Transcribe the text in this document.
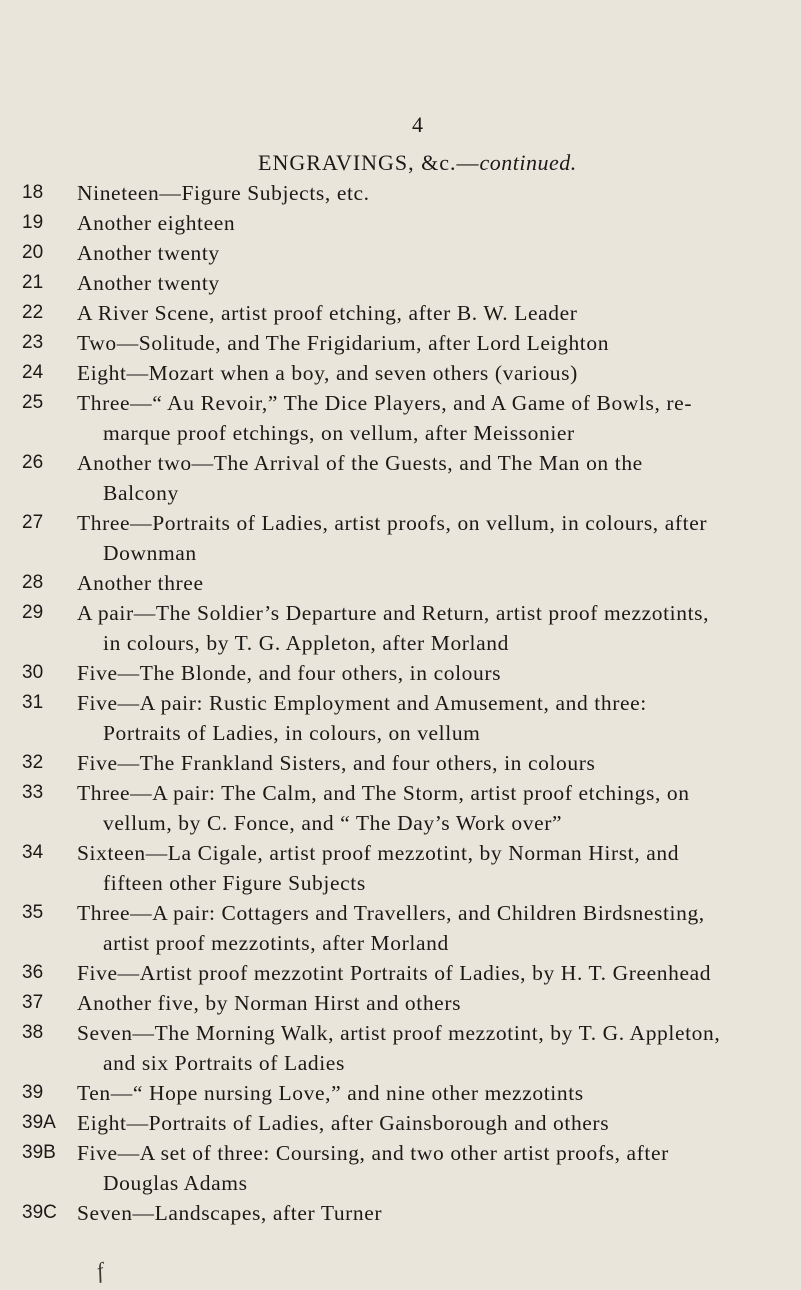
4
ENGRAVINGS, &c.—continued.
18	Nineteen—Figure Subjects, etc.
19	Another eighteen
20	Another twenty
21	Another twenty
22	A River Scene, artist proof etching, after B. W. Leader
23	Two—Solitude, and The Frigidarium, after Lord Leighton
24	Eight—Mozart when a boy, and seven others (various)
25	Three—“ Au Revoir,” The Dice Players, and A Game of Bowls, re-
marque proof etchings, on vellum, after Meissonier
26	Another two—The Arrival of the Guests, and The Man on the
Balcony
27	Three—Portraits of Ladies, artist proofs, on vellum, in colours, after
Downman
28	Another three
29	A pair—The Soldier’s Departure and Return, artist proof mezzotints,
in colours, by T. G. Appleton, after Morland
30	Five—The Blonde, and four others, in colours
31	Five—A pair: Rustic Employment and Amusement, and three:
Portraits of Ladies, in colours, on vellum
32	Five—The Frankland Sisters, and four others, in colours
33	Three—A pair: The Calm, and The Storm, artist proof etchings, on
vellum, by C. Fonce, and “ The Day’s Work over”
34	Sixteen—La Cigale, artist proof mezzotint, by Norman Hirst, and
fifteen other Figure Subjects
35	Three—A pair: Cottagers and Travellers, and Children Birdsnesting,
artist proof mezzotints, after Morland
36	Five—Artist proof mezzotint Portraits of Ladies, by H. T. Greenhead
37	Another five, by Norman Hirst and others
38	Seven—The Morning Walk, artist proof mezzotint, by T. G. Appleton,
and six Portraits of Ladies
39	Ten—“ Hope nursing Love,” and nine other mezzotints
39A Eight—Portraits of Ladies, after Gainsborough and others
39B Five—A set of three: Coursing, and two other artist proofs, after
Douglas Adams
39C Seven—Landscapes, after Turner
f
